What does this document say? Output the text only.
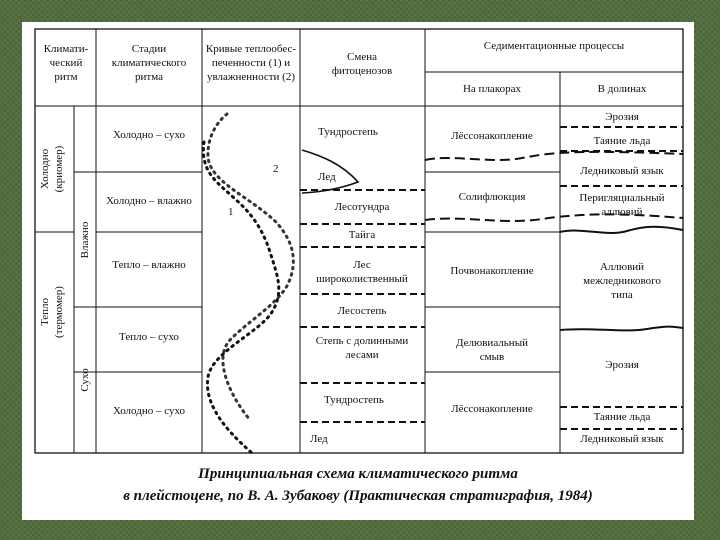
Климати-
ческий
ритм
Стадии
климатического
ритма
Кривые теплообес-
печенности (1) и
увлажненности (2)
Смена
фитоценозов
Седиментационные процессы
На плакорах	В долинах
Холодно (криомер)
Тепло (термомер)
Влажно
Сухо
Холодно – сухо
Холодно – влажно
Тепло – влажно
Тепло – сухо
Холодно – сухо
2
1
Тундростепь
Лед
Лесотундра
Тайга
Лес
широколиственный
Лесостепь
Степь с долинными
лесами
Тундростепь
Лед
Лёссонакопление
Солифлюкция
Почвонакопление
Делювиальный
смыв
Лёссонакопление
Эрозия
Таяние льда
Ледниковый язык
Перигляциальный
аллювий
Аллювий
межледникового
типа
Эрозия
Таяние льда
Ледниковый язык
Принципиальная схема климатического ритма
в плейстоцене, по В. А. Зубакову (Практическая стратиграфия, 1984)
